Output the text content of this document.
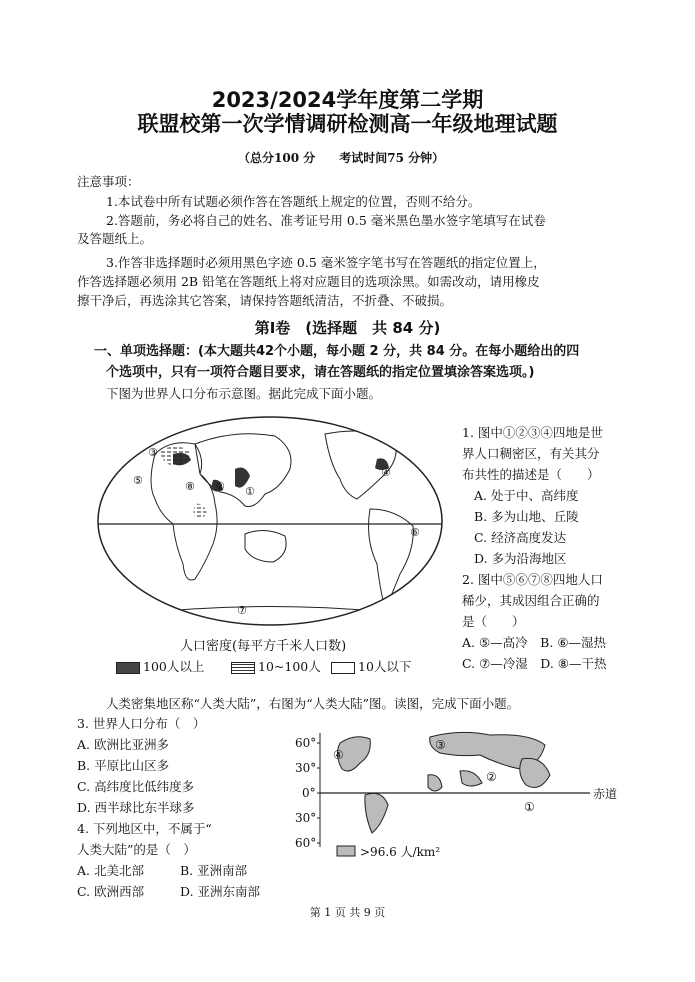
2023/2024学年度第二学期
联盟校第一次学情调研检测高一年级地理试题
（总分100 分　　考试时间75 分钟）
注意事项：
1.本试卷中所有试题必须作答在答题纸上规定的位置，否则不给分。
2.答题前，务必将自己的姓名、准考证号用 0.5 毫米黑色墨水签字笔填写在试卷
及答题纸上。
3.作答非选择题时必须用黑色字迹 0.5 毫米签字笔书写在答题纸的指定位置上，
作答选择题必须用 2B 铅笔在答题纸上将对应题目的选项涂黑。如需改动，请用橡皮
擦干净后，再选涂其它答案，请保持答题纸清洁，不折叠、不破损。
第Ⅰ卷　(选择题　共 84 分)
一、单项选择题：(本大题共42个小题，每小题 2 分，共 84 分。在每小题给出的四
个选项中，只有一项符合题目要求，请在答题纸的指定位置填涂答案选项。)
下图为世界人口分布示意图。据此完成下面小题。
①
②
③
④
⑤
⑥
⑦
⑧
人口密度(每平方千米人口数)
100人以上	10~100人	10人以下
1. 图中①②③④四地是世
界人口稠密区，有关其分
布共性的描述是（　　）
A. 处于中、高纬度
B. 多为山地、丘陵
C. 经济高度发达
D. 多为沿海地区
2. 图中⑤⑥⑦⑧四地人口
稀少，其成因组合正确的
是（　　）
A. ⑤—高冷　B. ⑥—湿热
C. ⑦—冷湿　D. ⑧—干热
人类密集地区称“人类大陆”，右图为“人类大陆”图。读图，完成下面小题。
3. 世界人口分布（　）
A. 欧洲比亚洲多
B. 平原比山区多
C. 高纬度比低纬度多
D. 西半球比东半球多
4. 下列地区中，不属于“
人类大陆”的是（　）
A. 北美北部	B. 亚洲南部
C. 欧洲西部	D. 亚洲东南部
60°
30°
0°
30°
60°
赤道
①
②
③
④
>96.6 人/km²
第 1 页 共 9 页
